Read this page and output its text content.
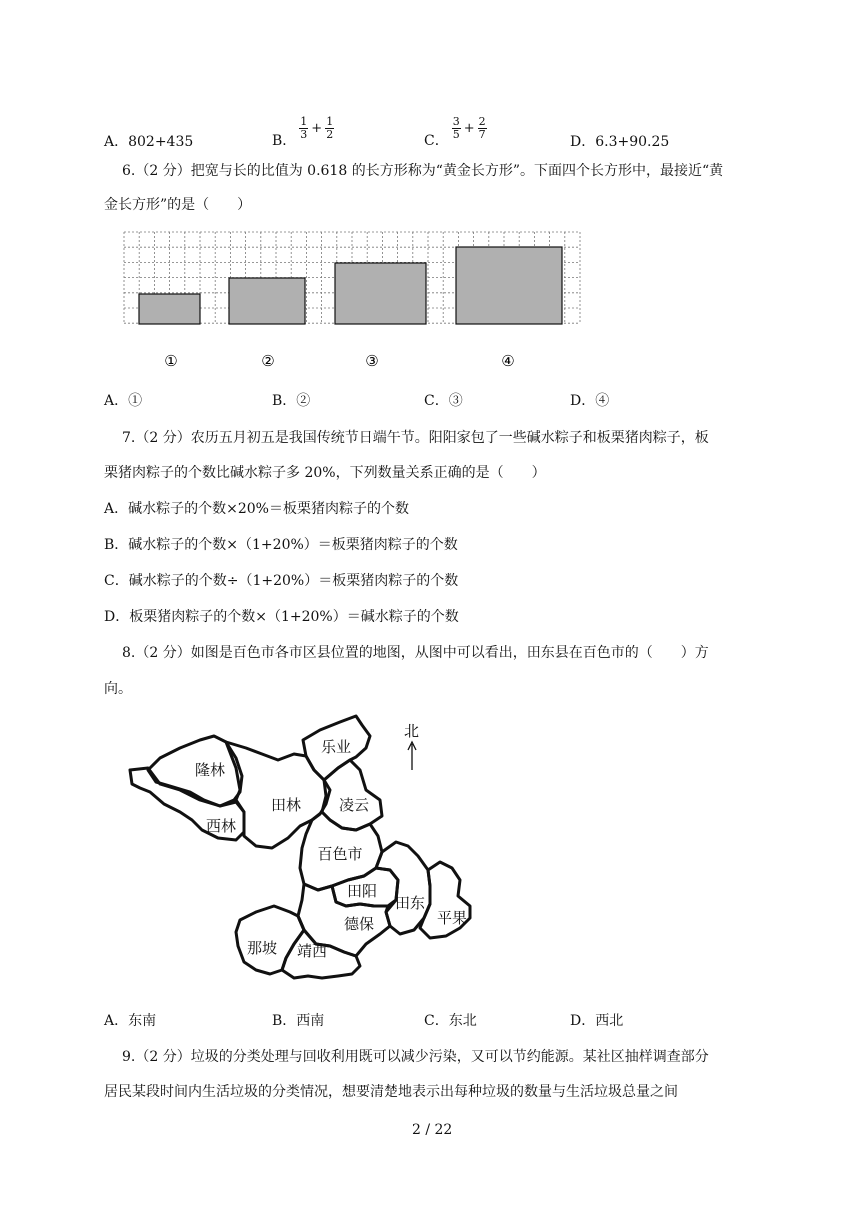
A．802+435	B．
$\frac{1}{3} + \frac{1}{2}$
C．
$\frac{3}{5} + \frac{2}{7}$
D．6.3+90.25
6.（2 分）把宽与长的比值为 0.618 的长方形称为“黄金长方形”。下面四个长方形中，最接近“黄
金长方形”的是（　　）
①	②	③	④
A．①	B．②	C．③	D．④
7.（2 分）农历五月初五是我国传统节日端午节。阳阳家包了一些碱水粽子和板栗猪肉粽子，板
栗猪肉粽子的个数比碱水粽子多 20%，下列数量关系正确的是（　　）
A．碱水粽子的个数×20%＝板栗猪肉粽子的个数
B．碱水粽子的个数×（1+20%）＝板栗猪肉粽子的个数
C．碱水粽子的个数÷（1+20%）＝板栗猪肉粽子的个数
D．板栗猪肉粽子的个数×（1+20%）＝碱水粽子的个数
8.（2 分）如图是百色市各市区县位置的地图，从图中可以看出，田东县在百色市的（　　）方
向。
北
乐业
隆林
田林	凌云
西林
百色市
田阳
田东
平果
德保
那坡 靖西
A．东南	B．西南	C．东北	D．西北
9.（2 分）垃圾的分类处理与回收利用既可以减少污染，又可以节约能源。某社区抽样调查部分
居民某段时间内生活垃圾的分类情况，想要清楚地表示出每种垃圾的数量与生活垃圾总量之间
2 / 22
